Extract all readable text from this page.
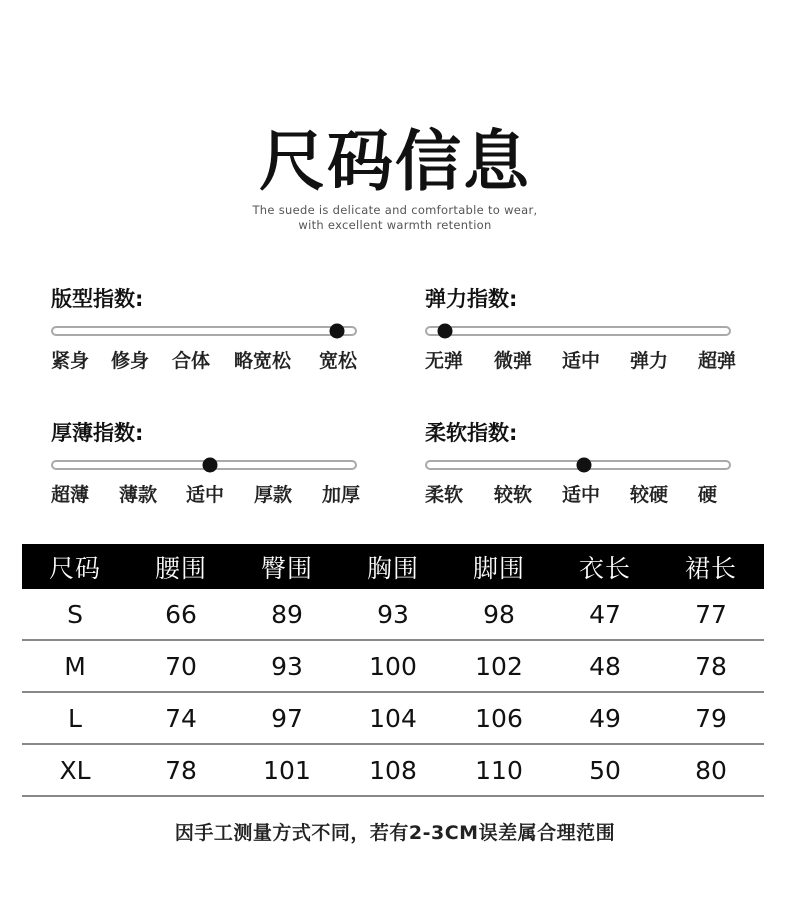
尺码信息
The suede is delicate and comfortable to wear,
with excellent warmth retention
版型指数:
紧身 修身 合体 略宽松 宽松
弹力指数:
无弹 微弹 适中 弹力 超弹
厚薄指数:
超薄 薄款 适中 厚款 加厚
柔软指数:
柔软 较软 适中 较硬 硬
尺码	腰围	臀围	胸围	脚围	衣长	裙长
S	66	89	93	98	47	77
M	70	93	100	102	48	78
L	74	97	104	106	49	79
XL	78	101	108	110	50	80
因手工测量方式不同，若有2-3CM误差属合理范围
